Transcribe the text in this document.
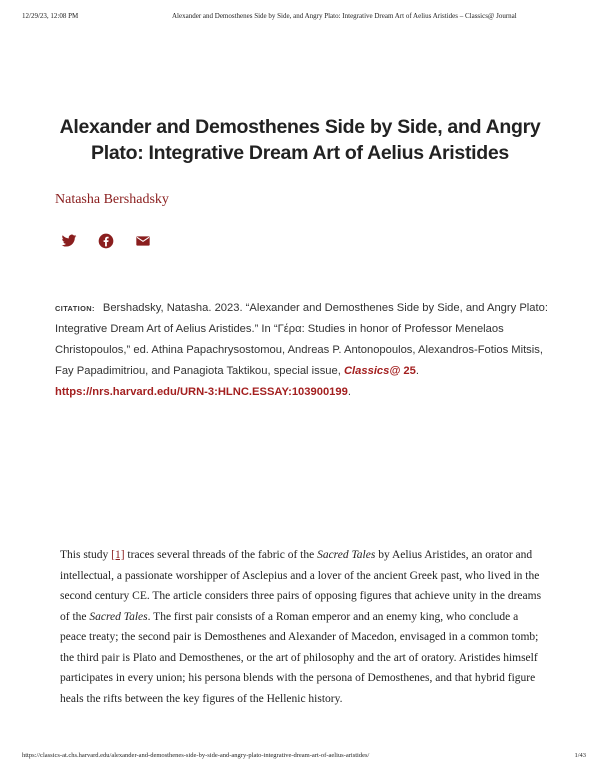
12/29/23, 12:08 PM	Alexander and Demosthenes Side by Side, and Angry Plato: Integrative Dream Art of Aelius Aristides – Classics@ Journal
Alexander and Demosthenes Side by Side, and Angry Plato: Integrative Dream Art of Aelius Aristides
Natasha Bershadsky
CITATION: Bershadsky, Natasha. 2023. “Alexander and Demosthenes Side by Side, and Angry Plato: Integrative Dream Art of Aelius Aristides.” In “Γέρα: Studies in honor of Professor Menelaos Christopoulos,” ed. Athina Papachrysostomou, Andreas P. Antonopoulos, Alexandros-Fotios Mitsis, Fay Papadimitriou, and Panagiota Taktikou, special issue, Classics@ 25. https://nrs.harvard.edu/URN-3:HLNC.ESSAY:103900199.

This study [1] traces several threads of the fabric of the Sacred Tales by Aelius Aristides, an orator and intellectual, a passionate worshipper of Asclepius and a lover of the ancient Greek past, who lived in the second century CE. The article considers three pairs of opposing figures that achieve unity in the dreams of the Sacred Tales. The first pair consists of a Roman emperor and an enemy king, who conclude a peace treaty; the second pair is Demosthenes and Alexander of Macedon, envisaged in a common tomb; the third pair is Plato and Demosthenes, or the art of philosophy and the art of oratory. Aristides himself participates in every union; his persona blends with the persona of Demosthenes, and that hybrid figure heals the rifts between the key figures of the Hellenic history.

https://classics-at.chs.harvard.edu/alexander-and-demosthenes-side-by-side-and-angry-plato-integrative-dream-art-of-aelius-aristides/	1/43
